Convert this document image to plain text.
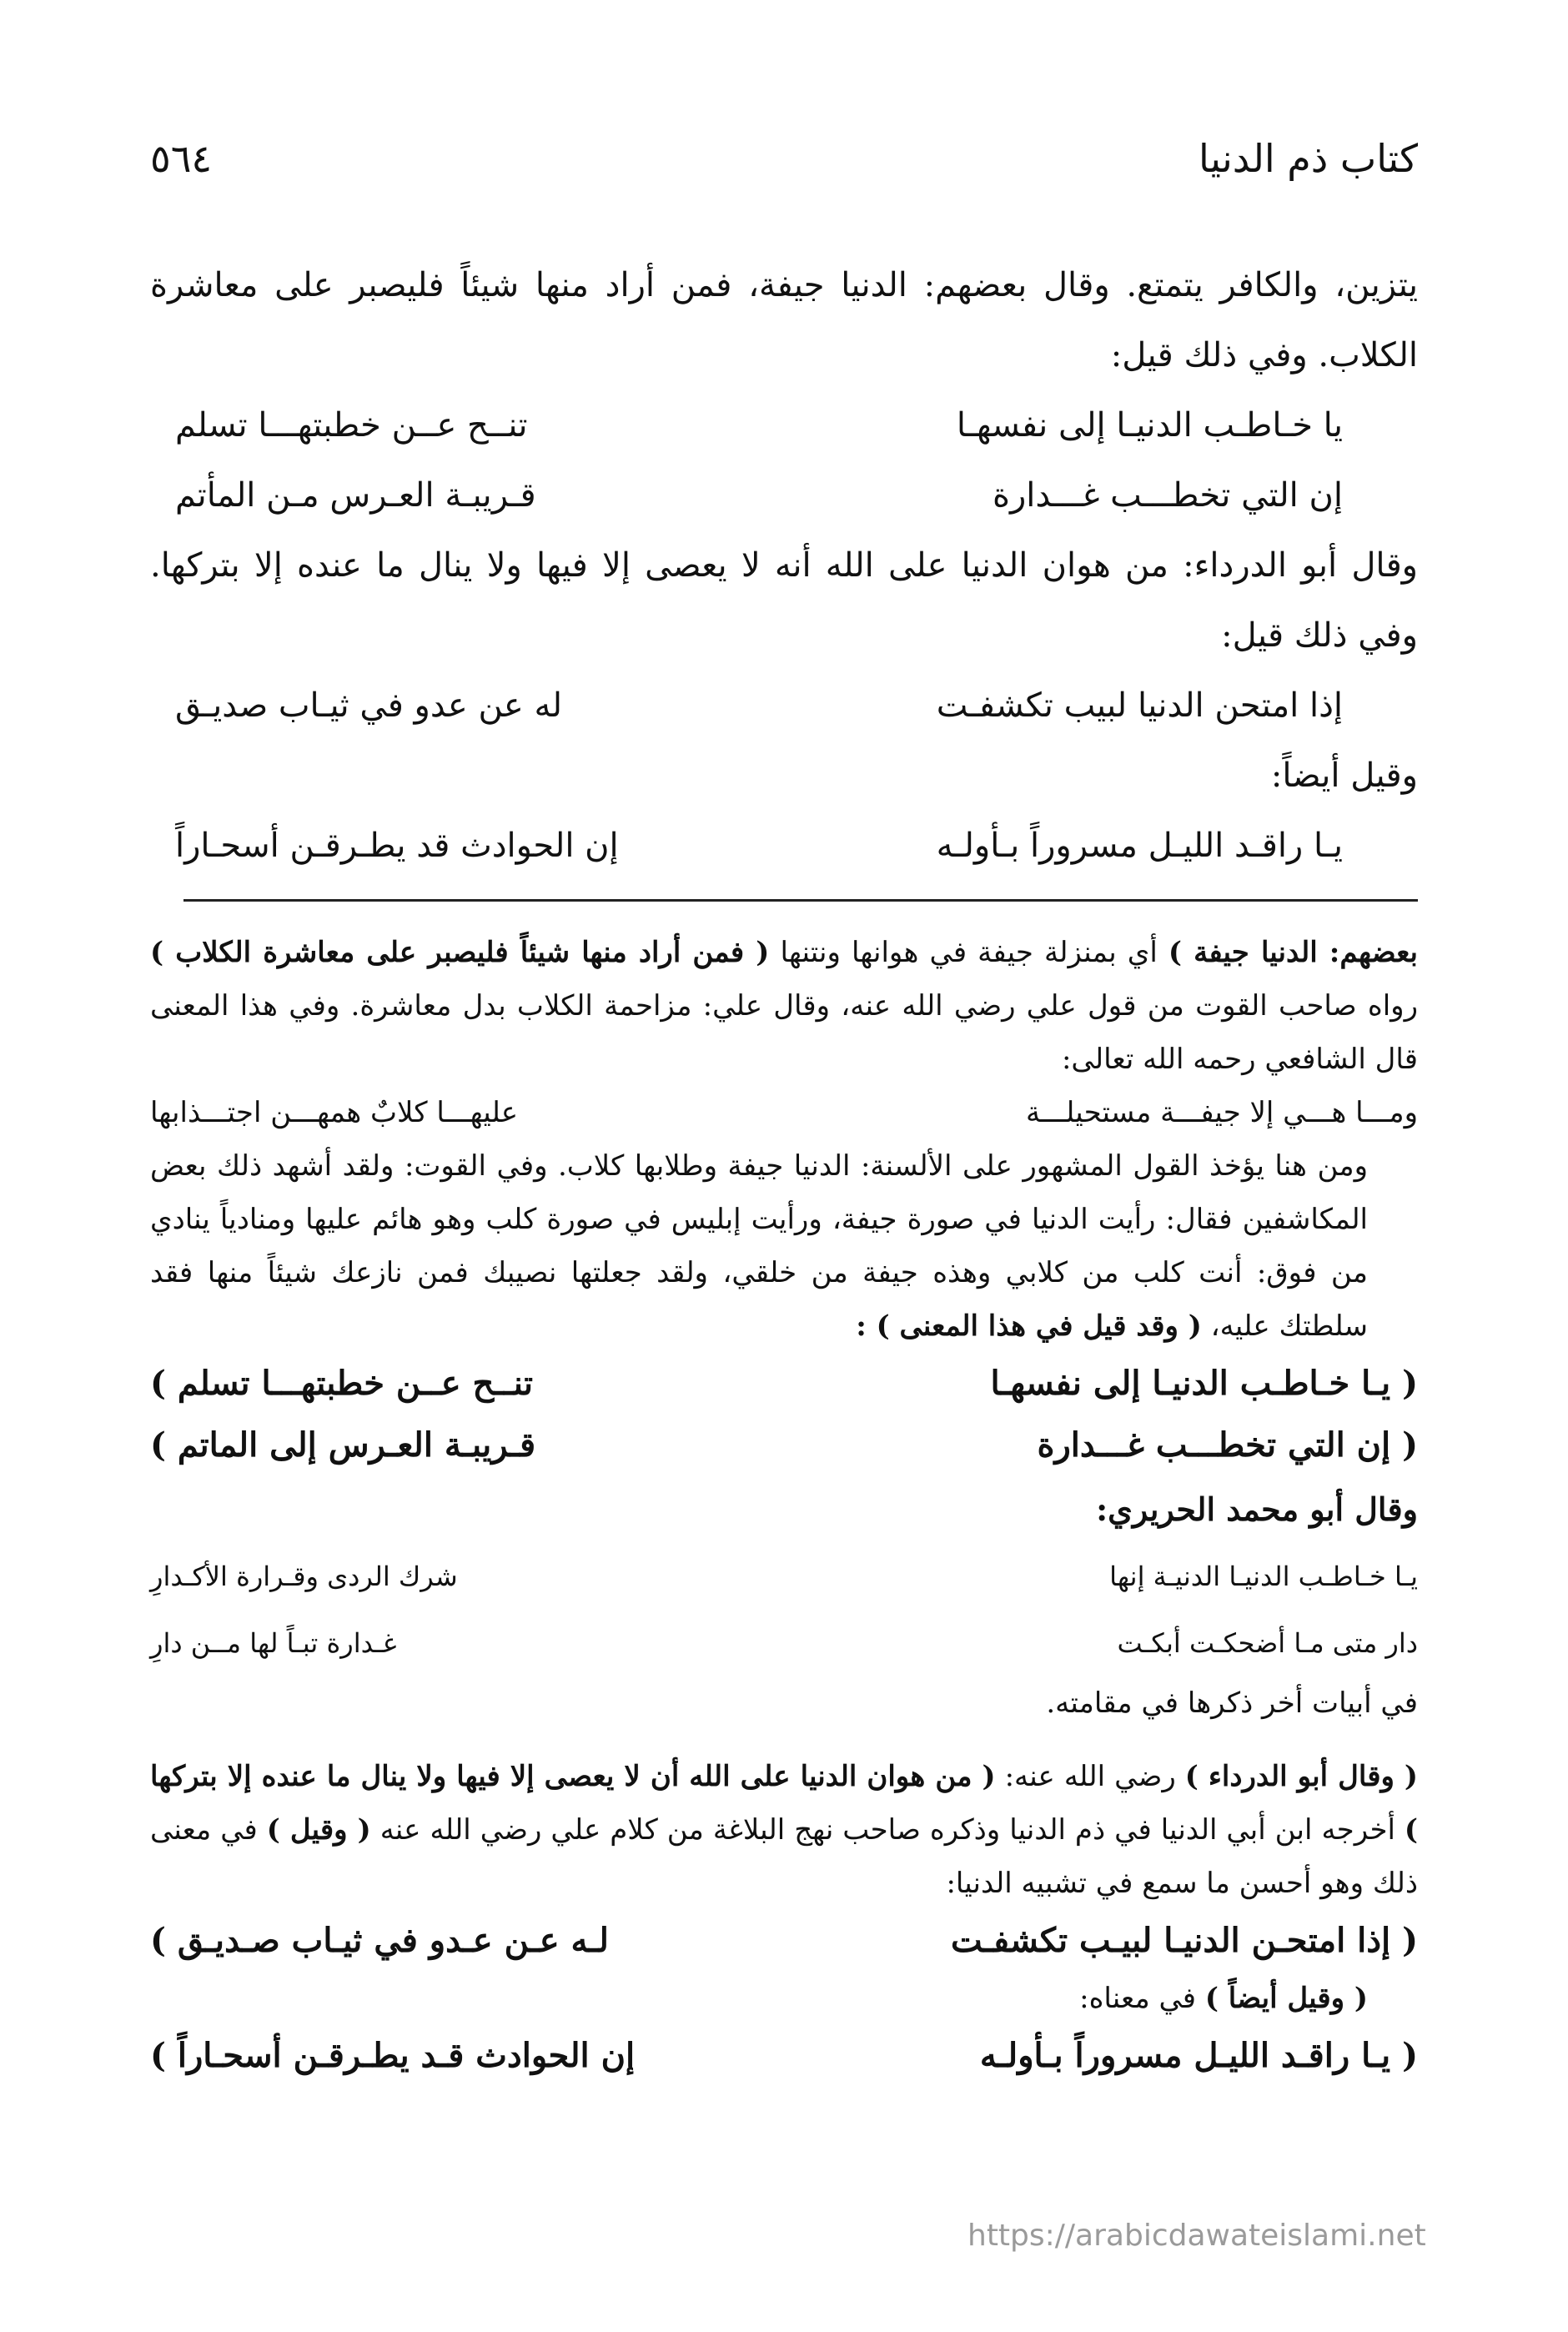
كتاب ذم الدنيا
٥٦٤

يتزين، والكافر يتمتع. وقال بعضهم: الدنيا جيفة، فمن أراد منها شيئاً فليصبر على معاشرة الكلاب. وفي ذلك قيل:

يا خـاطـب الدنيـا إلى نفسهـا
تنــح عــن خطبتهـــا تسلم
إن التي تخطـــب غـــدارة
قـريبـة العـرس مـن المأتم

وقال أبو الدرداء: من هوان الدنيا على الله أنه لا يعصى إلا فيها ولا ينال ما عنده إلا بتركها. وفي ذلك قيل:

إذا امتحن الدنيا لبيب تكشفـت
له عن عدو في ثيـاب صديـق

وقيل أيضاً:

يـا راقـد الليـل مسروراً بـأولـه
إن الحوادث قد يطـرقـن أسحـاراً

بعضهم: الدنيا جيفة ) أي بمنزلة جيفة في هوانها ونتنها ( فمن أراد منها شيئاً فليصبر على معاشرة الكلاب ) رواه صاحب القوت من قول علي رضي الله عنه، وقال علي: مزاحمة الكلاب بدل معاشرة. وفي هذا المعنى قال الشافعي رحمه الله تعالى:

ومـــا هـــي إلا جيفـــة مستحيلـــة
عليهـــا كلابٌ همهـــن اجتـــذابها

ومن هنا يؤخذ القول المشهور على الألسنة: الدنيا جيفة وطلابها كلاب. وفي القوت: ولقد أشهد ذلك بعض المكاشفين فقال: رأيت الدنيا في صورة جيفة، ورأيت إبليس في صورة كلب وهو هائم عليها ومنادياً ينادي من فوق: أنت كلب من كلابي وهذه جيفة من خلقي، ولقد جعلتها نصيبك فمن نازعك شيئاً منها فقد سلطتك عليه، ( وقد قيل في هذا المعنى ) :

( يـا خـاطـب الدنيـا إلى نفسهـا
تنــح عــن خطبتهـــا تسلم )
( إن التي تخطـــب غـــدارة
قـريبـة العـرس إلى الماتم )

وقال أبو محمد الحريري:

يـا خـاطـب الدنيـا الدنيـة إنها
شرك الردى وقـرارة الأكـدارِ
دار متى مـا أضحكـت أبكـت
غـدارة تبـاً لها مــن دارِ

في أبيات أخر ذكرها في مقامته.

( وقال أبو الدرداء ) رضي الله عنه: ( من هوان الدنيا على الله أن لا يعصى إلا فيها ولا ينال ما عنده إلا بتركها ) أخرجه ابن أبي الدنيا في ذم الدنيا وذكره صاحب نهج البلاغة من كلام علي رضي الله عنه ( وقيل ) في معنى ذلك وهو أحسن ما سمع في تشبيه الدنيا:

( إذا امتحـن الدنيـا لبيـب تكشفـت
لـه عـن عـدو في ثيـاب صـديـق )

( وقيل أيضاً ) في معناه:

( يـا راقـد الليـل مسروراً بـأولـه
إن الحوادث قـد يطـرقـن أسحـاراً )
https://arabicdawateislami.net
